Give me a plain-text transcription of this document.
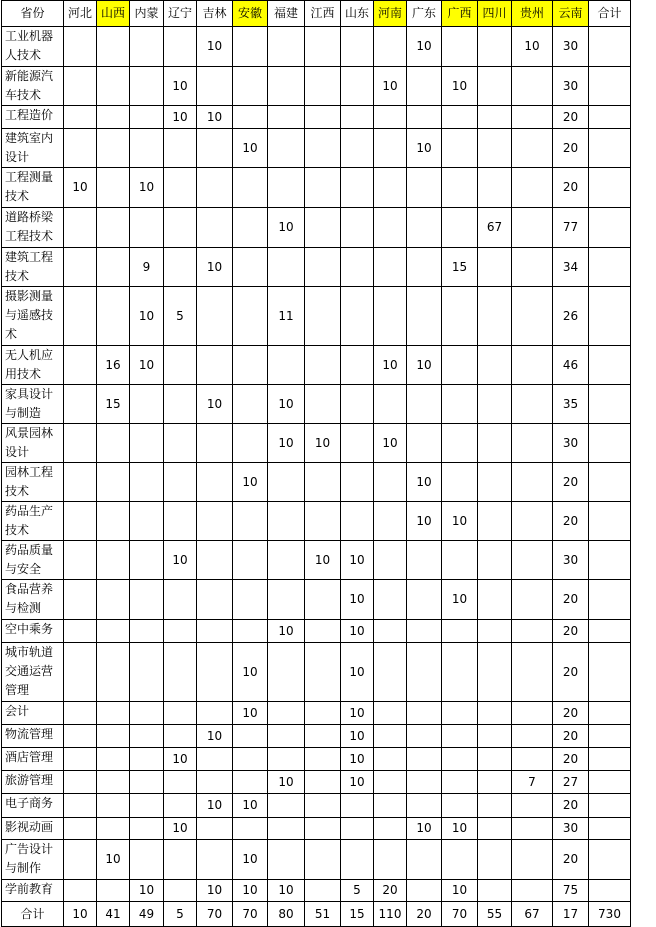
省份	河北	山西	内蒙	辽宁	吉林	安徽	福建	江西	山东	河南	广东	广西	四川	贵州	云南	合计
工业机器人技术					10						10			10	30	
新能源汽车技术				10						10		10			30	
工程造价				10	10										20	
建筑室内设计						10					10				20	
工程测量技术	10		10												20	
道路桥梁工程技术							10						67		77	
建筑工程技术			9		10							15			34	
摄影测量与遥感技术			10	5			11								26	
无人机应用技术		16	10							10	10				46	
家具设计与制造		15			10		10								35	
风景园林设计							10	10		10					30	
园林工程技术						10					10				20	
药品生产技术											10	10			20	
药品质量与安全				10				10	10						30	
食品营养与检测									10			10			20	
空中乘务							10		10						20	
城市轨道交通运营管理						10			10						20	
会计						10			10						20	
物流管理					10				10						20	
酒店管理				10					10						20	
旅游管理							10		10					7	27	
电子商务					10	10									20	
影视动画				10							10	10			30	
广告设计与制作		10				10									20	
学前教育			10		10	10	10		5	20		10			75	
合计	10	41	49	5	70	70	80	51	15	110	20	70	55	67	17	730
